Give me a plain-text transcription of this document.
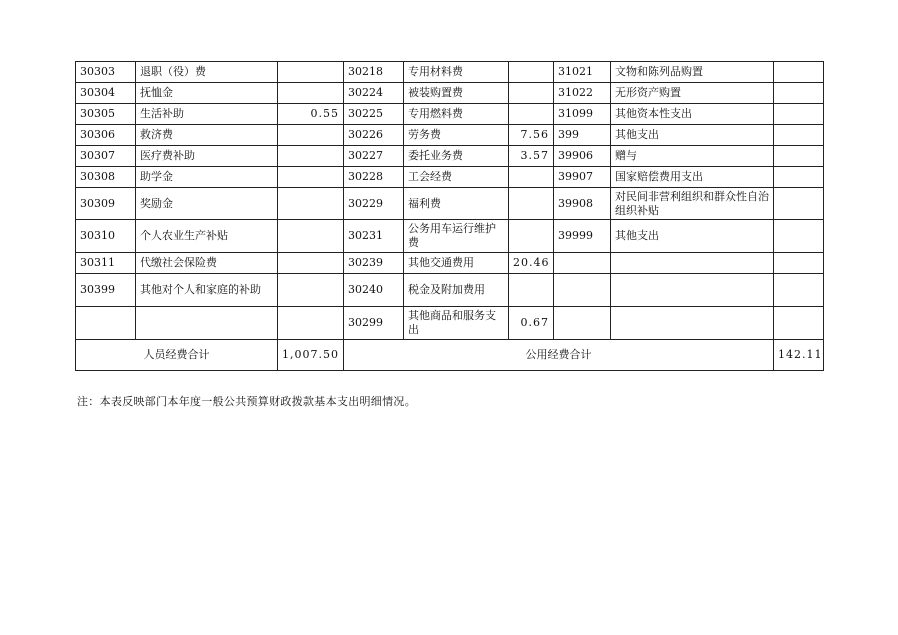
30303	退职（役）费		30218	专用材料费		31021	文物和陈列品购置	
30304	抚恤金		30224	被装购置费		31022	无形资产购置	
30305	生活补助	0.55	30225	专用燃料费		31099	其他资本性支出	
30306	救济费		30226	劳务费	7.56	399	其他支出	
30307	医疗费补助		30227	委托业务费	3.57	39906	赠与	
30308	助学金		30228	工会经费		39907	国家赔偿费用支出	
30309	奖励金		30229	福利费		39908	对民间非营利组织和群众性自治组织补贴	
30310	个人农业生产补贴		30231	公务用车运行维护费		39999	其他支出	
30311	代缴社会保险费		30239	其他交通费用	20.46			
30399	其他对个人和家庭的补助		30240	税金及附加费用				
			30299	其他商品和服务支出	0.67			
人员经费合计		1,007.50	公用经费合计					142.11
注：本表反映部门本年度一般公共预算财政拨款基本支出明细情况。
